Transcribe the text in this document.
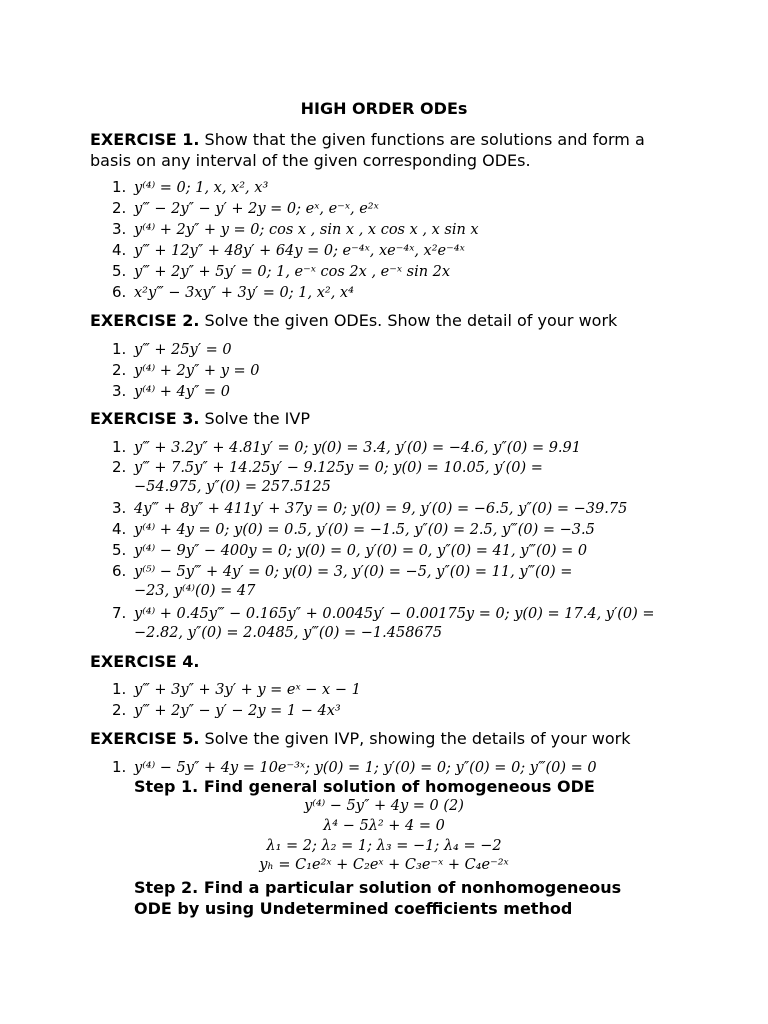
HIGH ORDER ODEs
EXERCISE 1. Show that the given functions are solutions and form a basis on any interval of the given corresponding ODEs.
1. y⁽⁴⁾ = 0; 1, x, x², x³
2. y‴ − 2y″ − y′ + 2y = 0; eˣ, e⁻ˣ, e²ˣ
3. y⁽⁴⁾ + 2y″ + y = 0; cos x , sin x , x cos x , x sin x
4. y‴ + 12y″ + 48y′ + 64y = 0; e⁻⁴ˣ, xe⁻⁴ˣ, x²e⁻⁴ˣ
5. y‴ + 2y″ + 5y′ = 0; 1, e⁻ˣ cos 2x , e⁻ˣ sin 2x
6. x²y‴ − 3xy″ + 3y′ = 0; 1, x², x⁴
EXERCISE 2. Solve the given ODEs. Show the detail of your work
1. y‴ + 25y′ = 0
2. y⁽⁴⁾ + 2y″ + y = 0
3. y⁽⁴⁾ + 4y″ = 0
EXERCISE 3. Solve the IVP
1. y‴ + 3.2y″ + 4.81y′ = 0; y(0) = 3.4, y′(0) = −4.6, y″(0) = 9.91
2. y‴ + 7.5y″ + 14.25y′ − 9.125y = 0; y(0) = 10.05, y′(0) =
−54.975, y″(0) = 257.5125
3. 4y‴ + 8y″ + 411y′ + 37y = 0; y(0) = 9, y′(0) = −6.5, y″(0) = −39.75
4. y⁽⁴⁾ + 4y = 0; y(0) = 0.5, y′(0) = −1.5, y″(0) = 2.5, y‴(0) = −3.5
5. y⁽⁴⁾ − 9y″ − 400y = 0; y(0) = 0, y′(0) = 0, y″(0) = 41, y‴(0) = 0
6. y⁽⁵⁾ − 5y‴ + 4y′ = 0; y(0) = 3, y′(0) = −5, y″(0) = 11, y‴(0) =
−23, y⁽⁴⁾(0) = 47
7. y⁽⁴⁾ + 0.45y‴ − 0.165y″ + 0.0045y′ − 0.00175y = 0; y(0) = 17.4, y′(0) =
−2.82, y″(0) = 2.0485, y‴(0) = −1.458675
EXERCISE 4.
1. y‴ + 3y″ + 3y′ + y = eˣ − x − 1
2. y‴ + 2y″ − y′ − 2y = 1 − 4x³
EXERCISE 5. Solve the given IVP, showing the details of your work
1. y⁽⁴⁾ − 5y″ + 4y = 10e⁻³ˣ; y(0) = 1; y′(0) = 0; y″(0) = 0; y‴(0) = 0
Step 1. Find general solution of homogeneous ODE
y⁽⁴⁾ − 5y″ + 4y = 0 (2)
λ⁴ − 5λ² + 4 = 0
λ₁ = 2; λ₂ = 1; λ₃ = −1; λ₄ = −2
yₕ = C₁e²ˣ + C₂eˣ + C₃e⁻ˣ + C₄e⁻²ˣ
Step 2. Find a particular solution of nonhomogeneous ODE by using Undetermined coefficients method
